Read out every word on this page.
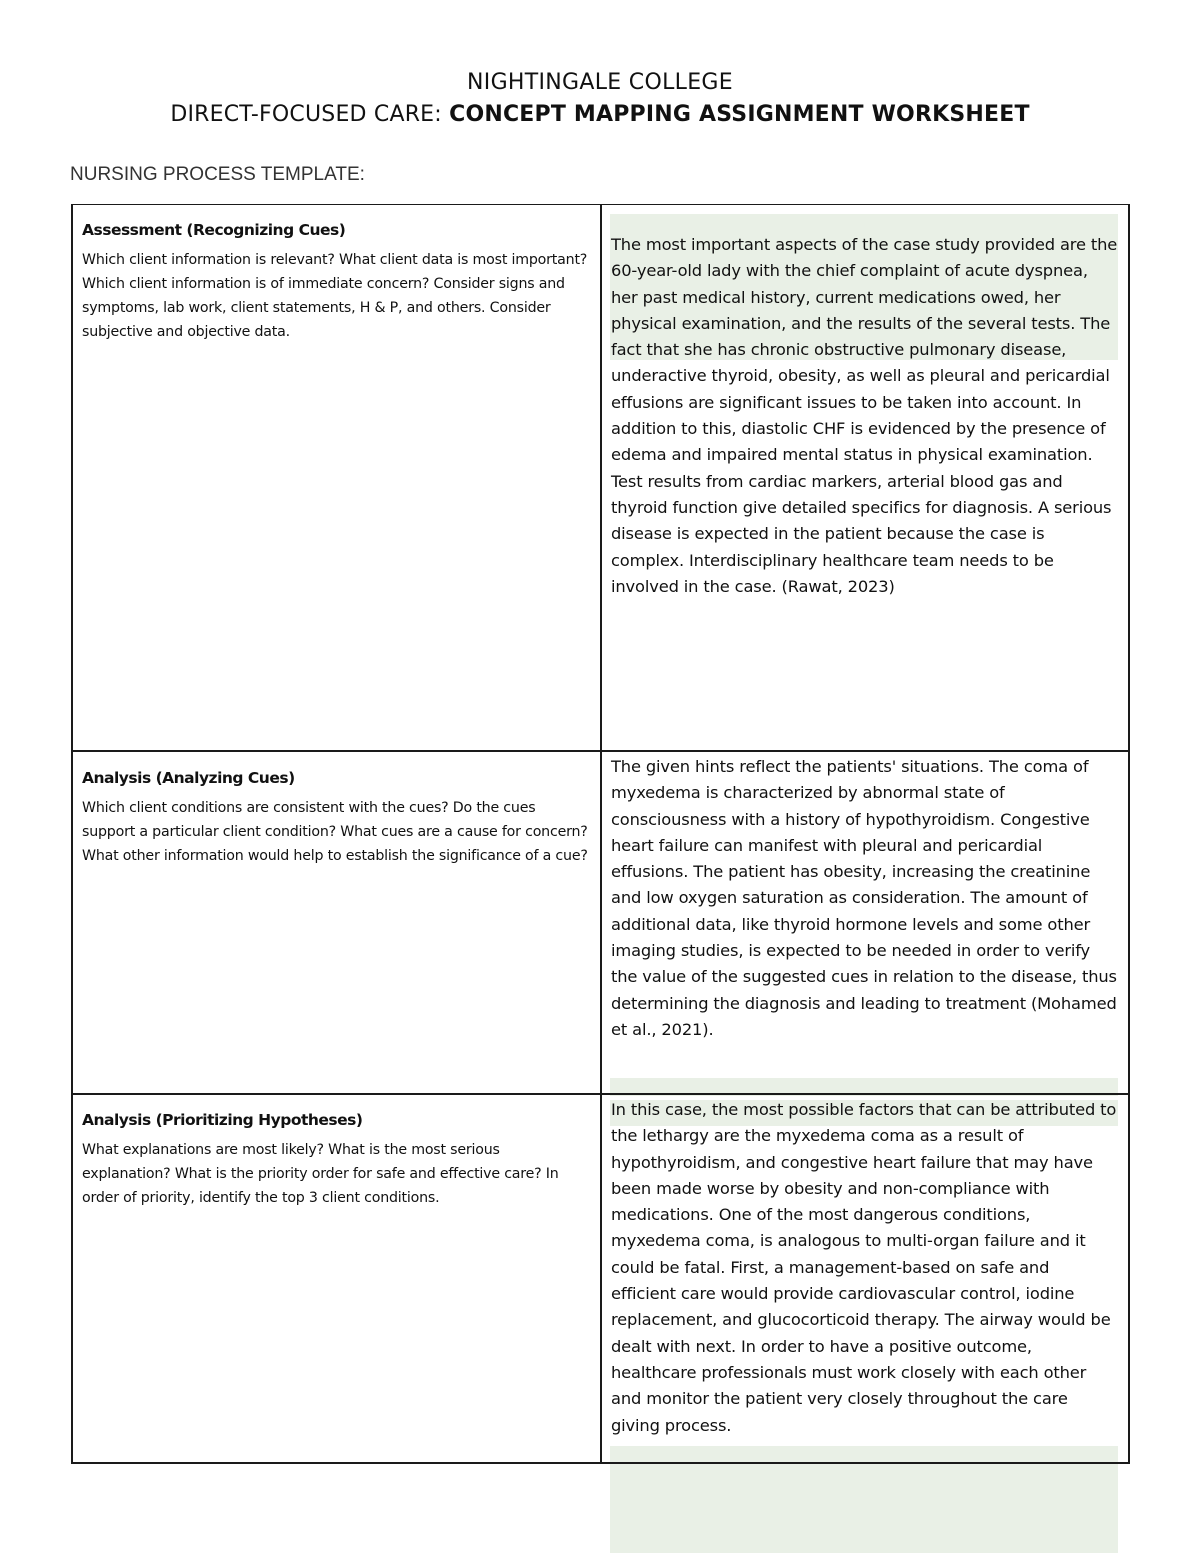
NIGHTINGALE COLLEGE
DIRECT-FOCUSED CARE: CONCEPT MAPPING ASSIGNMENT WORKSHEET
NURSING PROCESS TEMPLATE:
Assessment (Recognizing Cues)
Which client information is relevant? What client data is most important? Which client information is of immediate concern? Consider signs and symptoms, lab work, client statements, H & P, and others. Consider subjective and objective data.
The most important aspects of the case study provided are the 60-year-old lady with the chief complaint of acute dyspnea, her past medical history, current medications owed, her physical examination, and the results of the several tests. The fact that she has chronic obstructive pulmonary disease, underactive thyroid, obesity, as well as pleural and pericardial effusions are significant issues to be taken into account. In addition to this, diastolic CHF is evidenced by the presence of edema and impaired mental status in physical examination. Test results from cardiac markers, arterial blood gas and thyroid function give detailed specifics for diagnosis. A serious disease is expected in the patient because the case is complex. Interdisciplinary healthcare team needs to be involved in the case. (Rawat, 2023)
Analysis (Analyzing Cues)
Which client conditions are consistent with the cues? Do the cues support a particular client condition? What cues are a cause for concern? What other information would help to establish the significance of a cue?
The given hints reflect the patients' situations. The coma of myxedema is characterized by abnormal state of consciousness with a history of hypothyroidism. Congestive heart failure can manifest with pleural and pericardial effusions. The patient has obesity, increasing the creatinine and low oxygen saturation as consideration. The amount of additional data, like thyroid hormone levels and some other imaging studies, is expected to be needed in order to verify the value of the suggested cues in relation to the disease, thus determining the diagnosis and leading to treatment (Mohamed et al., 2021).
Analysis (Prioritizing Hypotheses)
What explanations are most likely? What is the most serious explanation? What is the priority order for safe and effective care? In order of priority, identify the top 3 client conditions.
In this case, the most possible factors that can be attributed to the lethargy are the myxedema coma as a result of hypothyroidism, and congestive heart failure that may have been made worse by obesity and non-compliance with medications. One of the most dangerous conditions, myxedema coma, is analogous to multi-organ failure and it could be fatal. First, a management-based on safe and efficient care would provide cardiovascular control, iodine replacement, and glucocorticoid therapy. The airway would be dealt with next. In order to have a positive outcome, healthcare professionals must work closely with each other and monitor the patient very closely throughout the care giving process.
